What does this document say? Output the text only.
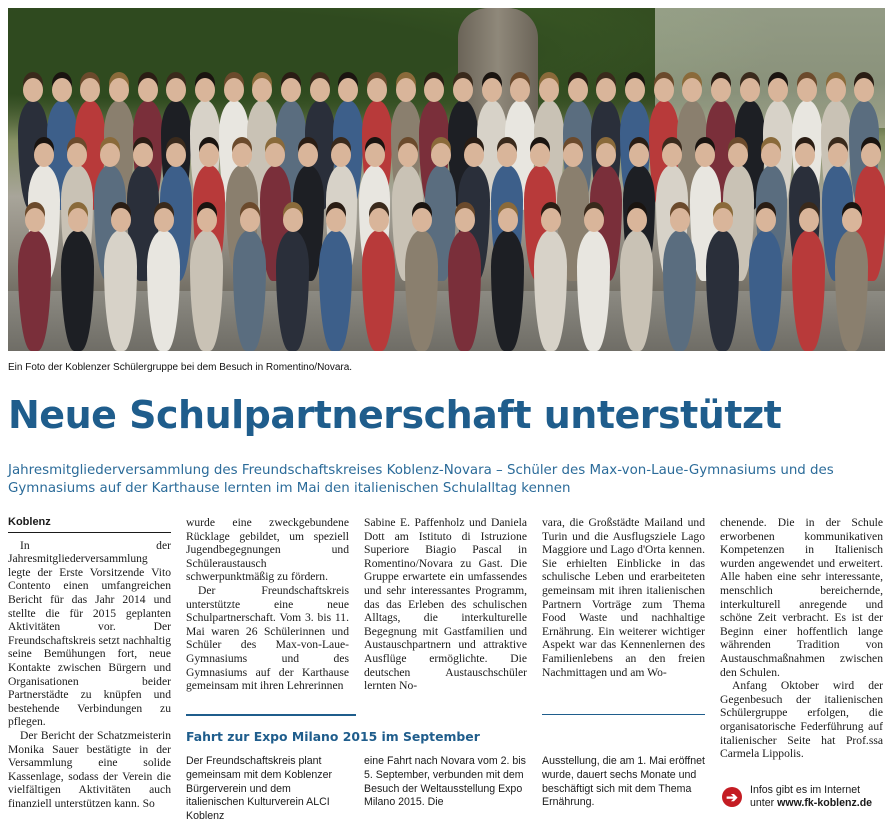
Ein Foto der Koblenzer Schülergruppe bei dem Besuch in Romentino/Novara.
Neue Schulpartnerschaft unterstützt

Jahresmitgliederversammlung des Freundschaftskreises Koblenz-Novara – Schüler des Max-von-Laue-Gymnasiums und des Gymnasiums auf der Karthause lernten im Mai den italienischen Schulalltag kennen

Koblenz

In der Jahresmitgliederversammlung legte der Erste Vorsitzende Vito Contento einen umfangreichen Bericht für das Jahr 2014 und stellte die für 2015 geplanten Aktivitäten vor. Der Freundschaftskreis setzt nachhaltig seine Bemühungen fort, neue Kontakte zwischen Bürgern und Organisationen beider Partnerstädte zu knüpfen und bestehende Verbindungen zu pflegen.

Der Bericht der Schatzmeisterin Monika Sauer bestätigte in der Versammlung eine solide Kassenlage, sodass der Verein die vielfältigen Aktivitäten auch finanziell unterstützen kann. So

wurde eine zweckgebundene Rücklage gebildet, um speziell Jugendbegegnungen und Schüleraustausch schwerpunktmäßig zu fördern.

Der Freundschaftskreis unterstützte eine neue Schulpartnerschaft. Vom 3. bis 11. Mai waren 26 Schülerinnen und Schüler des Max-von-Laue-Gymnasiums und des Gymnasiums auf der Karthause gemeinsam mit ihren Lehrerinnen

Sabine E. Paffenholz und Daniela Dott am Istituto di Istruzione Superiore Biagio Pascal in Romentino/Novara zu Gast. Die Gruppe erwartete ein umfassendes und sehr interessantes Programm, das das Erleben des schulischen Alltags, die interkulturelle Begegnung mit Gastfamilien und Austauschpartnern und attraktive Ausflüge ermöglichte. Die deutschen Austauschschüler lernten No-

vara, die Großstädte Mailand und Turin und die Ausflugsziele Lago Maggiore und Lago d'Orta kennen. Sie erhielten Einblicke in das schulische Leben und erarbeiteten gemeinsam mit ihren italienischen Partnern Vorträge zum Thema Food Waste und nachhaltige Ernährung. Ein weiterer wichtiger Aspekt war das Kennenlernen des Familienlebens an den freien Nachmittagen und am Wo-

chenende. Die in der Schule erworbenen kommunikativen Kompetenzen in Italienisch wurden angewendet und erweitert. Alle haben eine sehr interessante, menschlich bereichernde, interkulturell anregende und schöne Zeit verbracht. Es ist der Beginn einer hoffentlich lange währenden Tradition von Austauschmaßnahmen zwischen den Schulen.

Anfang Oktober wird der Gegenbesuch der italienischen Schülergruppe erfolgen, die organisatorische Federführung auf italienischer Seite hat Prof.ssa Carmela Lippolis.

Fahrt zur Expo Milano 2015 im September
Der Freundschaftskreis plant gemeinsam mit dem Koblenzer Bürgerverein und dem italienischen Kulturverein ALCI Koblenz
eine Fahrt nach Novara vom 2. bis 5. September, verbunden mit dem Besuch der Weltausstellung Expo Milano 2015. Die
Ausstellung, die am 1. Mai eröffnet wurde, dauert sechs Monate und beschäftigt sich mit dem Thema Ernährung.	➔	Infos gibt es im Internet
unter www.fk-koblenz.de
